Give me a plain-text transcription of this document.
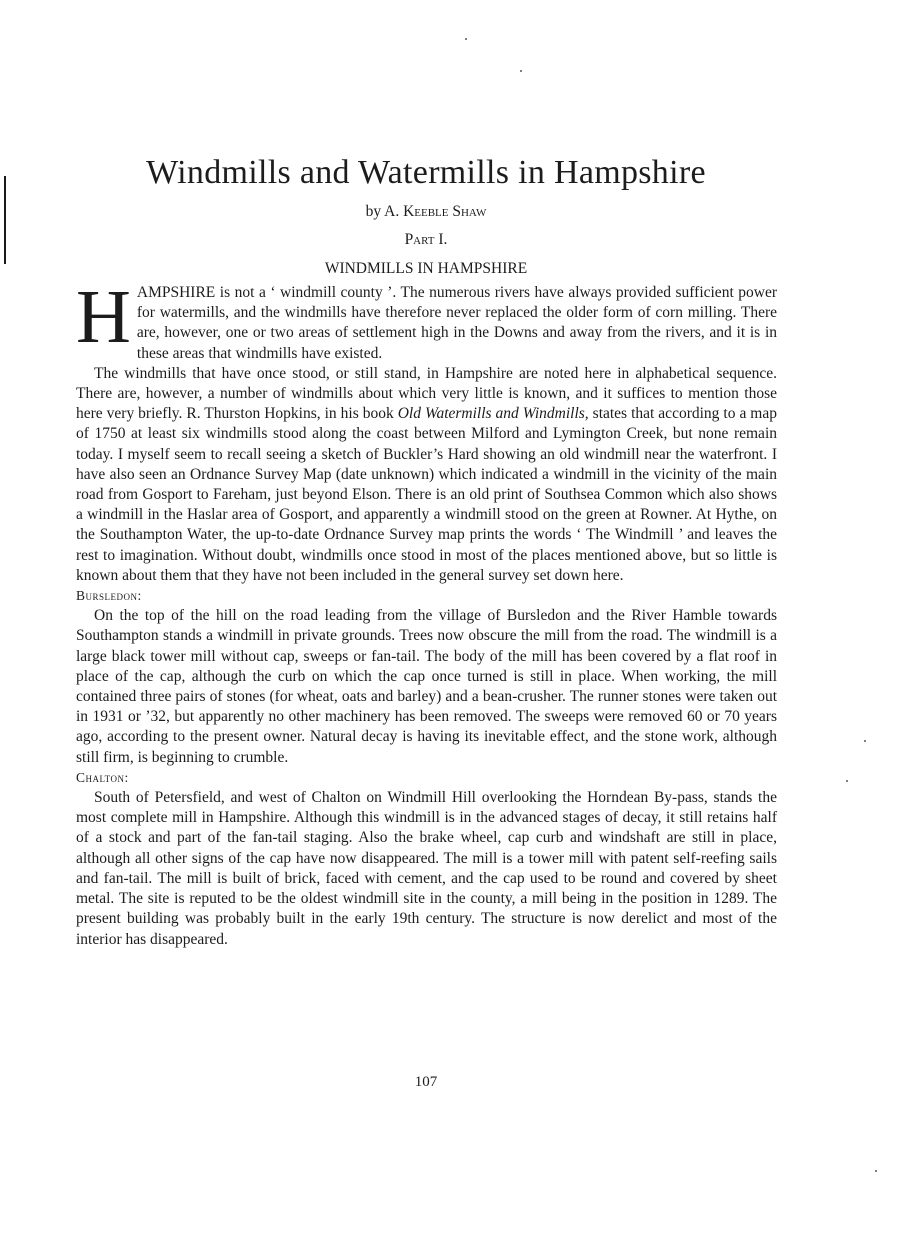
Windmills and Watermills in Hampshire
by A. Keeble Shaw
Part I.
WINDMILLS IN HAMPSHIRE

HAMPSHIRE is not a ‘ windmill county ’. The numerous rivers have always provided sufficient power for watermills, and the windmills have therefore never replaced the older form of corn milling. There are, however, one or two areas of settlement high in the Downs and away from the rivers, and it is in these areas that windmills have existed.

The windmills that have once stood, or still stand, in Hampshire are noted here in alphabetical sequence. There are, however, a number of windmills about which very little is known, and it suffices to mention those here very briefly. R. Thurston Hopkins, in his book Old Watermills and Windmills, states that according to a map of 1750 at least six windmills stood along the coast between Milford and Lymington Creek, but none remain today. I myself seem to recall seeing a sketch of Buckler’s Hard showing an old windmill near the waterfront. I have also seen an Ordnance Survey Map (date unknown) which indicated a windmill in the vicinity of the main road from Gosport to Fareham, just beyond Elson. There is an old print of Southsea Common which also shows a windmill in the Haslar area of Gosport, and apparently a windmill stood on the green at Rowner. At Hythe, on the Southampton Water, the up-to-date Ordnance Survey map prints the words ‘ The Windmill ’ and leaves the rest to imagination. Without doubt, windmills once stood in most of the places mentioned above, but so little is known about them that they have not been included in the general survey set down here.

Bursledon:

On the top of the hill on the road leading from the village of Bursledon and the River Hamble towards Southampton stands a windmill in private grounds. Trees now obscure the mill from the road. The windmill is a large black tower mill without cap, sweeps or fan-tail. The body of the mill has been covered by a flat roof in place of the cap, although the curb on which the cap once turned is still in place. When working, the mill contained three pairs of stones (for wheat, oats and barley) and a bean-crusher. The runner stones were taken out in 1931 or ’32, but apparently no other machinery has been removed. The sweeps were removed 60 or 70 years ago, according to the present owner. Natural decay is having its inevitable effect, and the stone work, although still firm, is beginning to crumble.

Chalton:

South of Petersfield, and west of Chalton on Windmill Hill overlooking the Horndean By-pass, stands the most complete mill in Hampshire. Although this windmill is in the advanced stages of decay, it still retains half of a stock and part of the fan-tail staging. Also the brake wheel, cap curb and windshaft are still in place, although all other signs of the cap have now disappeared. The mill is a tower mill with patent self-reefing sails and fan-tail. The mill is built of brick, faced with cement, and the cap used to be round and covered by sheet metal. The site is reputed to be the oldest windmill site in the county, a mill being in the position in 1289. The present building was probably built in the early 19th century. The structure is now derelict and most of the interior has disappeared.

107
